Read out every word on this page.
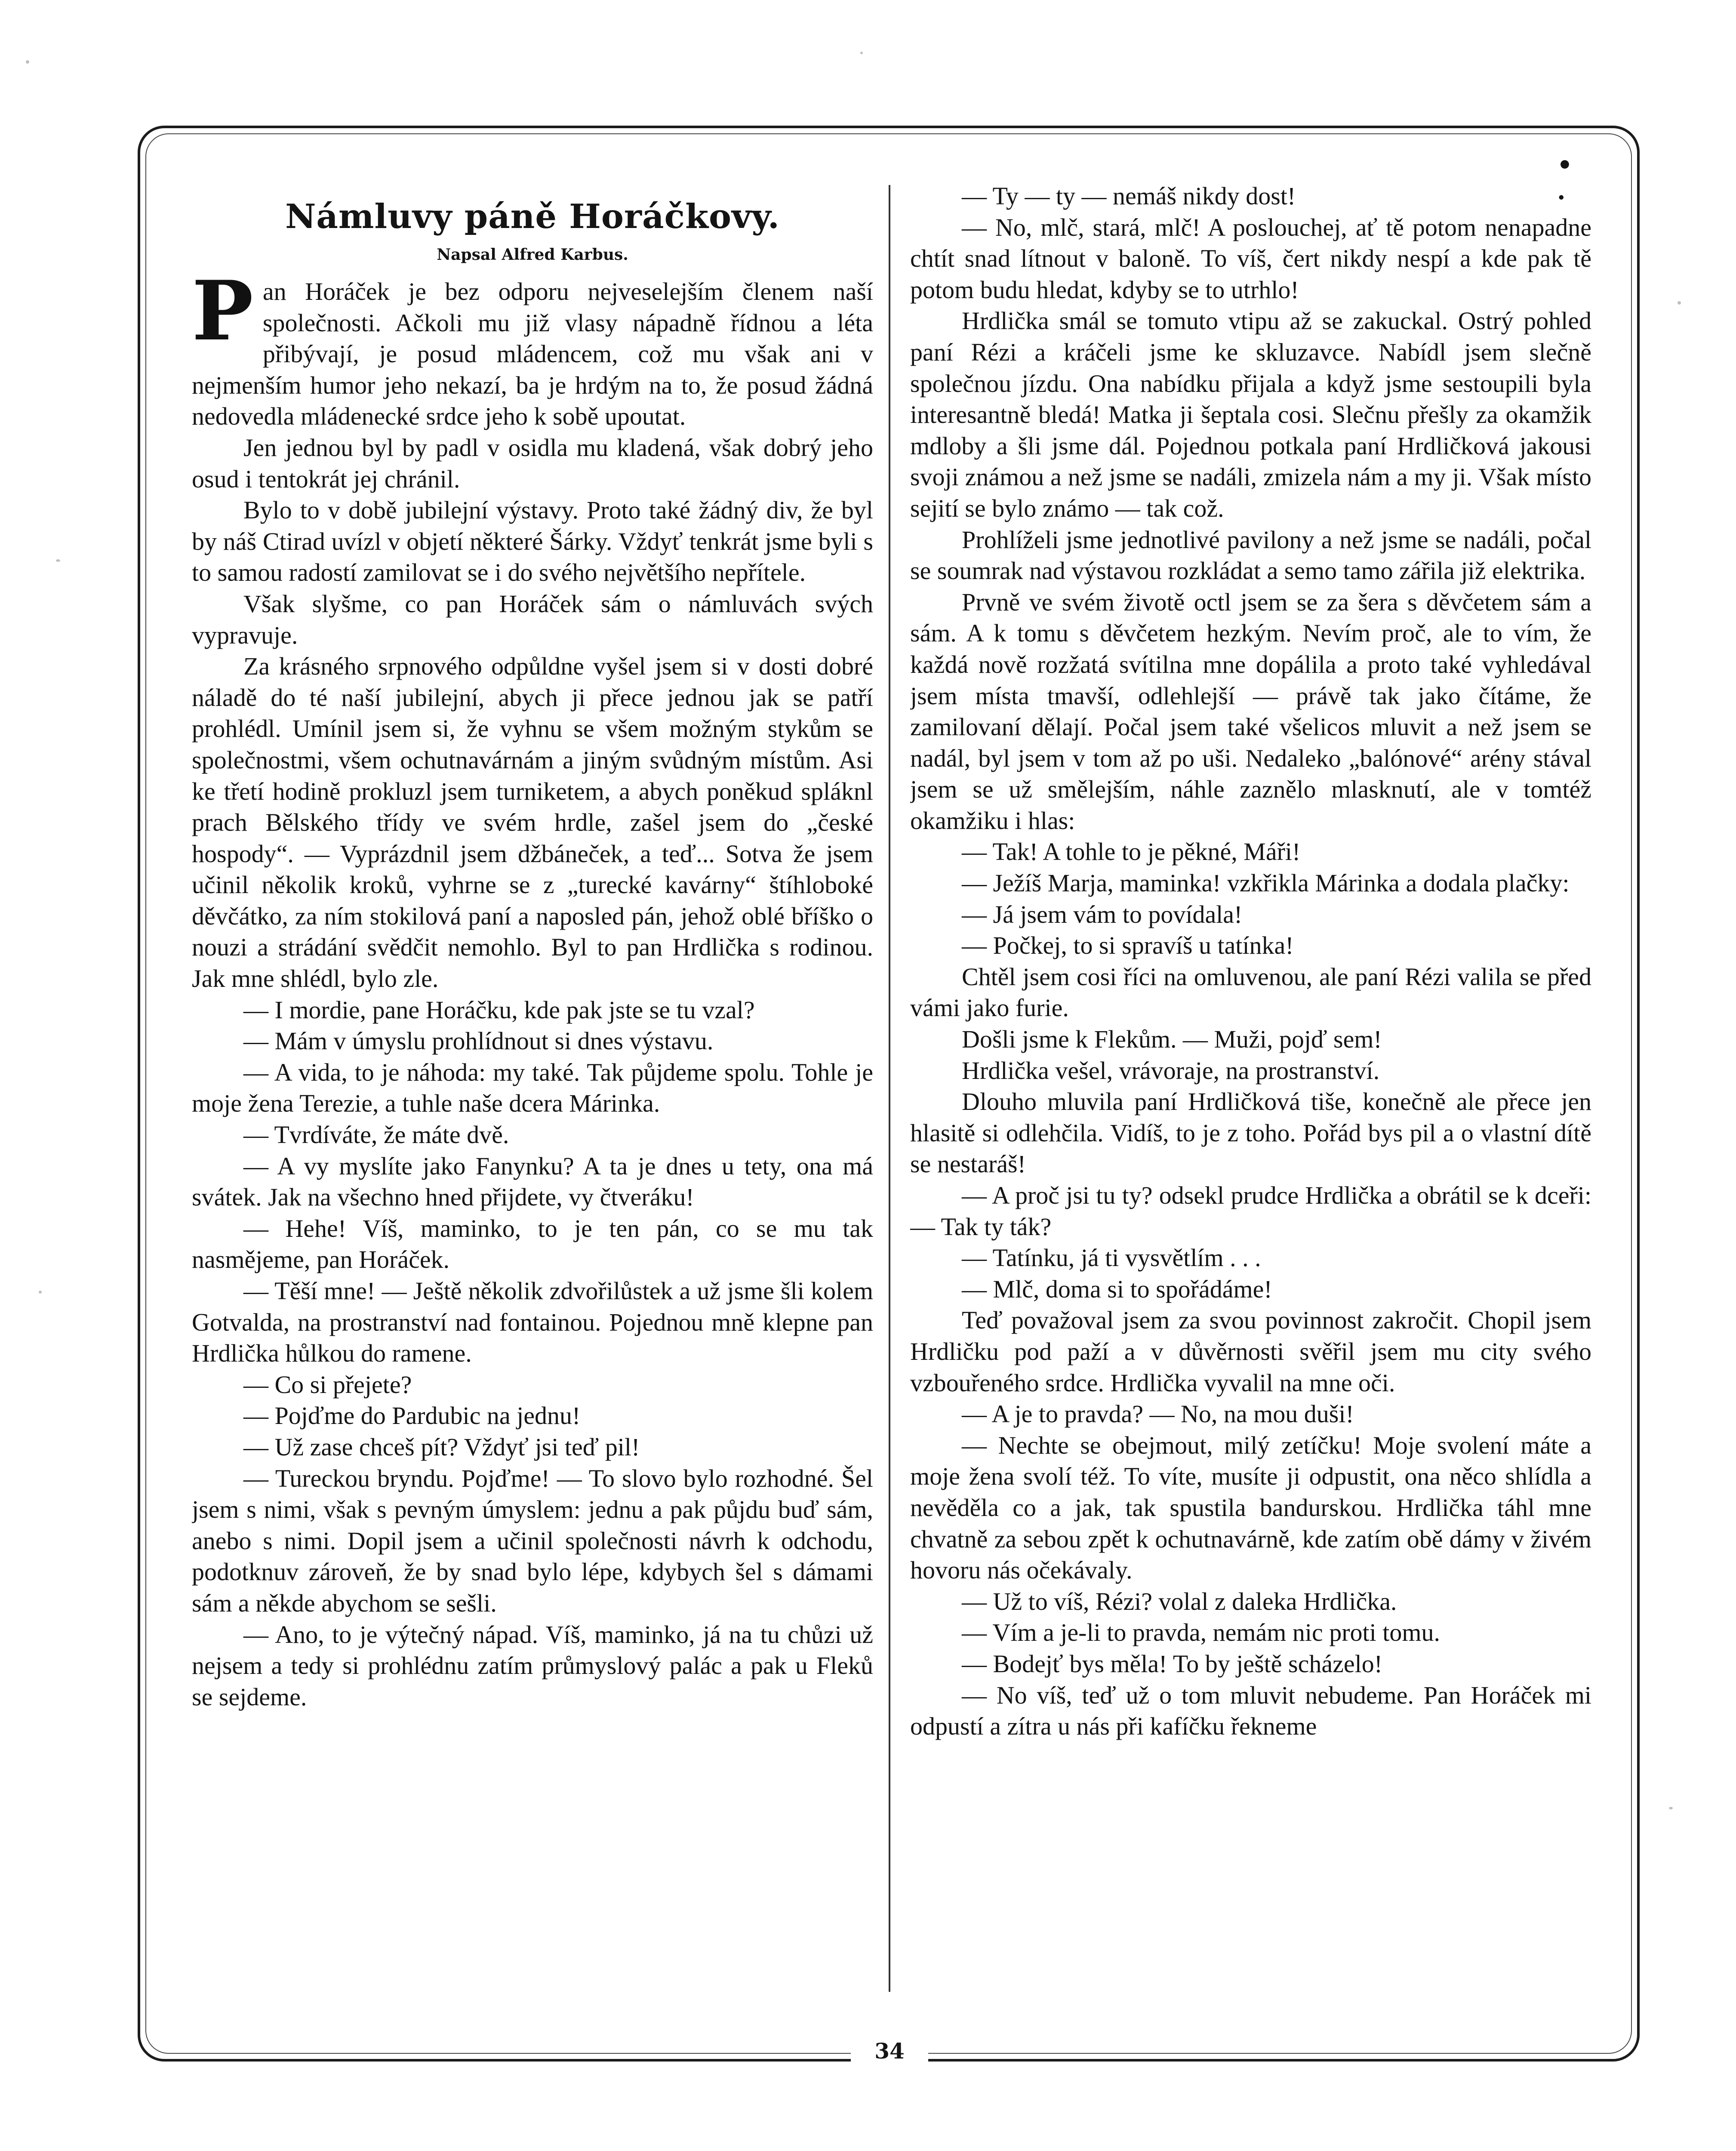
• .

Námluvy páně Horáčkovy.

Napsal Alfred Karbus.

Pan Horáček je bez odporu nejveselejším členem naší společnosti. Ačkoli mu již vlasy nápadně řídnou a léta přibývají, je posud mládencem, což mu však ani v nejmenším humor jeho nekazí, ba je hrdým na to, že posud žádná nedovedla mládenecké srdce jeho k sobě upoutat.

Jen jednou byl by padl v osidla mu kladená, však dobrý jeho osud i tentokrát jej chránil.

Bylo to v době jubilejní výstavy. Proto také žádný div, že byl by náš Ctirad uvízl v objetí některé Šárky. Vždyť tenkrát jsme byli s to samou radostí zamilovat se i do svého největšího nepřítele.

Však slyšme, co pan Horáček sám o námluvách svých vypravuje.

Za krásného srpnového odpůldne vyšel jsem si v dosti dobré náladě do té naší jubilejní, abych ji přece jednou jak se patří prohlédl. Umínil jsem si, že vyhnu se všem možným stykům se společnostmi, všem ochutnavárnám a jiným svůdným místům. Asi ke třetí hodině prokluzl jsem turniketem, a abych poněkud spláknl prach Bělského třídy ve svém hrdle, zašel jsem do „české hospody“. — Vyprázdnil jsem džbáneček, a teď... Sotva že jsem učinil několik kroků, vyhrne se z „turecké kavárny“ štíhloboké děvčátko, za ním stokilová paní a naposled pán, jehož oblé bříško o nouzi a strádání svědčit nemohlo. Byl to pan Hrdlička s rodinou. Jak mne shlédl, bylo zle.

— I mordie, pane Horáčku, kde pak jste se tu vzal?

— Mám v úmyslu prohlídnout si dnes výstavu.

— A vida, to je náhoda: my také. Tak půjdeme spolu. Tohle je moje žena Terezie, a tuhle naše dcera Márinka.

— Tvrdíváte, že máte dvě.

— A vy myslíte jako Fanynku? A ta je dnes u tety, ona má svátek. Jak na všechno hned přijdete, vy čtveráku!

— Hehe! Víš, maminko, to je ten pán, co se mu tak nasmějeme, pan Horáček.

— Těší mne! — Ještě několik zdvořilůstek a už jsme šli kolem Gotvalda, na prostranství nad fontainou. Pojednou mně klepne pan Hrdlička hůlkou do ramene.

— Co si přejete?

— Pojďme do Pardubic na jednu!

— Už zase chceš pít? Vždyť jsi teď pil!

— Tureckou bryndu. Pojďme! — To slovo bylo rozhodné. Šel jsem s nimi, však s pevným úmyslem: jednu a pak půjdu buď sám, anebo s nimi. Dopil jsem a učinil společnosti návrh k odchodu, podotknuv zároveň, že by snad bylo lépe, kdybych šel s dámami sám a někde abychom se sešli.

— Ano, to je výtečný nápad. Víš, maminko, já na tu chůzi už nejsem a tedy si prohlédnu zatím průmyslový palác a pak u Fleků se sejdeme.

— Ty — ty — nemáš nikdy dost!

— No, mlč, stará, mlč! A poslouchej, ať tě potom nenapadne chtít snad lítnout v baloně. To víš, čert nikdy nespí a kde pak tě potom budu hledat, kdyby se to utrhlo!

Hrdlička smál se tomuto vtipu až se zakuckal. Ostrý pohled paní Rézi a kráčeli jsme ke skluzavce. Nabídl jsem slečně společnou jízdu. Ona nabídku přijala a když jsme sestoupili byla interesantně bledá! Matka ji šeptala cosi. Slečnu přešly za okamžik mdloby a šli jsme dál. Pojednou potkala paní Hrdličková jakousi svoji známou a než jsme se nadáli, zmizela nám a my ji. Však místo sejití se bylo známo — tak což.

Prohlíželi jsme jednotlivé pavilony a než jsme se nadáli, počal se soumrak nad výstavou rozkládat a semo tamo zářila již elektrika.

Prvně ve svém životě octl jsem se za šera s děvčetem sám a sám. A k tomu s děvčetem hezkým. Nevím proč, ale to vím, že každá nově rozžatá svítilna mne dopálila a proto také vyhledával jsem místa tmavší, odlehlejší — právě tak jako čítáme, že zamilovaní dělají. Počal jsem také všelicos mluvit a než jsem se nadál, byl jsem v tom až po uši. Nedaleko „balónové“ arény stával jsem se už smělejším, náhle zaznělo mlasknutí, ale v tomtéž okamžiku i hlas:

— Tak! A tohle to je pěkné, Máři!

— Ježíš Marja, maminka! vzkřikla Márinka a dodala plačky:

— Já jsem vám to povídala!

— Počkej, to si spravíš u tatínka!

Chtěl jsem cosi říci na omluvenou, ale paní Rézi valila se před vámi jako furie.

Došli jsme k Flekům. — Muži, pojď sem!

Hrdlička vešel, vrávoraje, na prostranství.

Dlouho mluvila paní Hrdličková tiše, konečně ale přece jen hlasitě si odlehčila. Vidíš, to je z toho. Pořád bys pil a o vlastní dítě se nestaráš!

— A proč jsi tu ty? odsekl prudce Hrdlička a obrátil se k dceři: — Tak ty ták?

— Tatínku, já ti vysvětlím . . .

— Mlč, doma si to spořádáme!

Teď považoval jsem za svou povinnost zakročit. Chopil jsem Hrdličku pod paží a v důvěrnosti svěřil jsem mu city svého vzbouřeného srdce. Hrdlička vyvalil na mne oči.

— A je to pravda? — No, na mou duši!

— Nechte se obejmout, milý zetíčku! Moje svolení máte a moje žena svolí též. To víte, musíte ji odpustit, ona něco shlídla a nevěděla co a jak, tak spustila bandurskou. Hrdlička táhl mne chvatně za sebou zpět k ochutnavárně, kde zatím obě dámy v živém hovoru nás očekávaly.

— Už to víš, Rézi? volal z daleka Hrdlička.

— Vím a je-li to pravda, nemám nic proti tomu.

— Bodejť bys měla! To by ještě scházelo!

— No víš, teď už o tom mluvit nebudeme. Pan Horáček mi odpustí a zítra u nás při kafíčku řekneme

34
